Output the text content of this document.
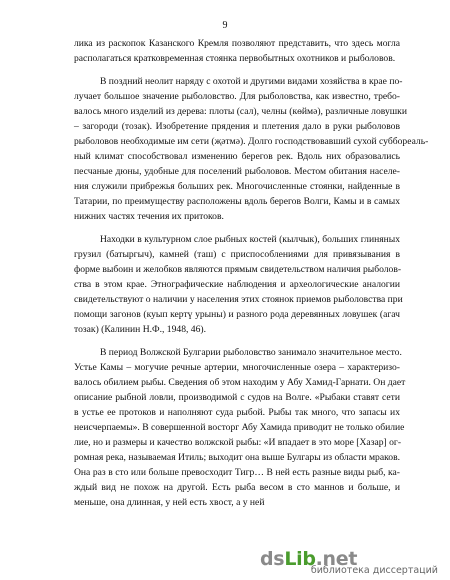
9
лика из раскопок Казанского Кремля позволяют представить, что здесь могла
располагаться кратковременная стоянка первобытных охотников и рыболовов.
В поздний неолит наряду с охотой и другими видами хозяйства в крае по-
лучает большое значение рыболовство. Для рыболовства, как известно, требо-
валось много изделий из дерева: плоты (сал), челны (көймә), различные ловушки
– загороди (тозак). Изобретение прядения и плетения дало в руки рыболовов
рыболовов необходимые им сети (җәтмә). Долго господствовавший сухой суббореаль-
ный климат способствовал изменению берегов рек. Вдоль них образовались
песчаные дюны, удобные для поселений рыболовов. Местом обитания населе-
ния служили прибрежья больших рек. Многочисленные стоянки, найденные в
Татарии, по преимуществу расположены вдоль берегов Волги, Камы и в самых
нижних частях течения их притоков.
Находки в культурном слое рыбных костей (кылчык), больших глиняных
грузил (батыргыч), камней (таш) с приспособлениями для привязывания в
форме выбоин и желобков являются прямым свидетельством наличия рыболов-
ства в этом крае. Этнографические наблюдения и археологические аналогии
свидетельствуют о наличии у населения этих стоянок приемов рыболовства при
помощи загонов (куып кертү урыны) и разного рода деревянных ловушек (агач
тозак) (Калинин Н.Ф., 1948, 46).
В период Волжской Булгарии рыболовство занимало значительное место.
Устье Камы – могучие речные артерии, многочисленные озера – характеризо-
валось обилием рыбы. Сведения об этом находим у Абу Хамид-Гарнати. Он дает
описание рыбной ловли, производимой с судов на Волге. «Рыбаки ставят сети
в устье ее протоков и наполняют суда рыбой. Рыбы так много, что запасы их
неисчерпаемы». В совершенной восторг Абу Хамида приводит не только обилие
лие, но и размеры и качество волжской рыбы: «И впадает в это море [Хазар] ог-
ромная река, называемая Итиль; выходит она выше Булгары из области мраков.
Она раз в сто или больше превосходит Тигр… В ней есть разные виды рыб, ка-
ждый вид не похож на другой. Есть рыба весом в сто маннов и больше, и
меньше, она длинная, у ней есть хвост, а у ней
dsLib.net
библиотека диссертаций
